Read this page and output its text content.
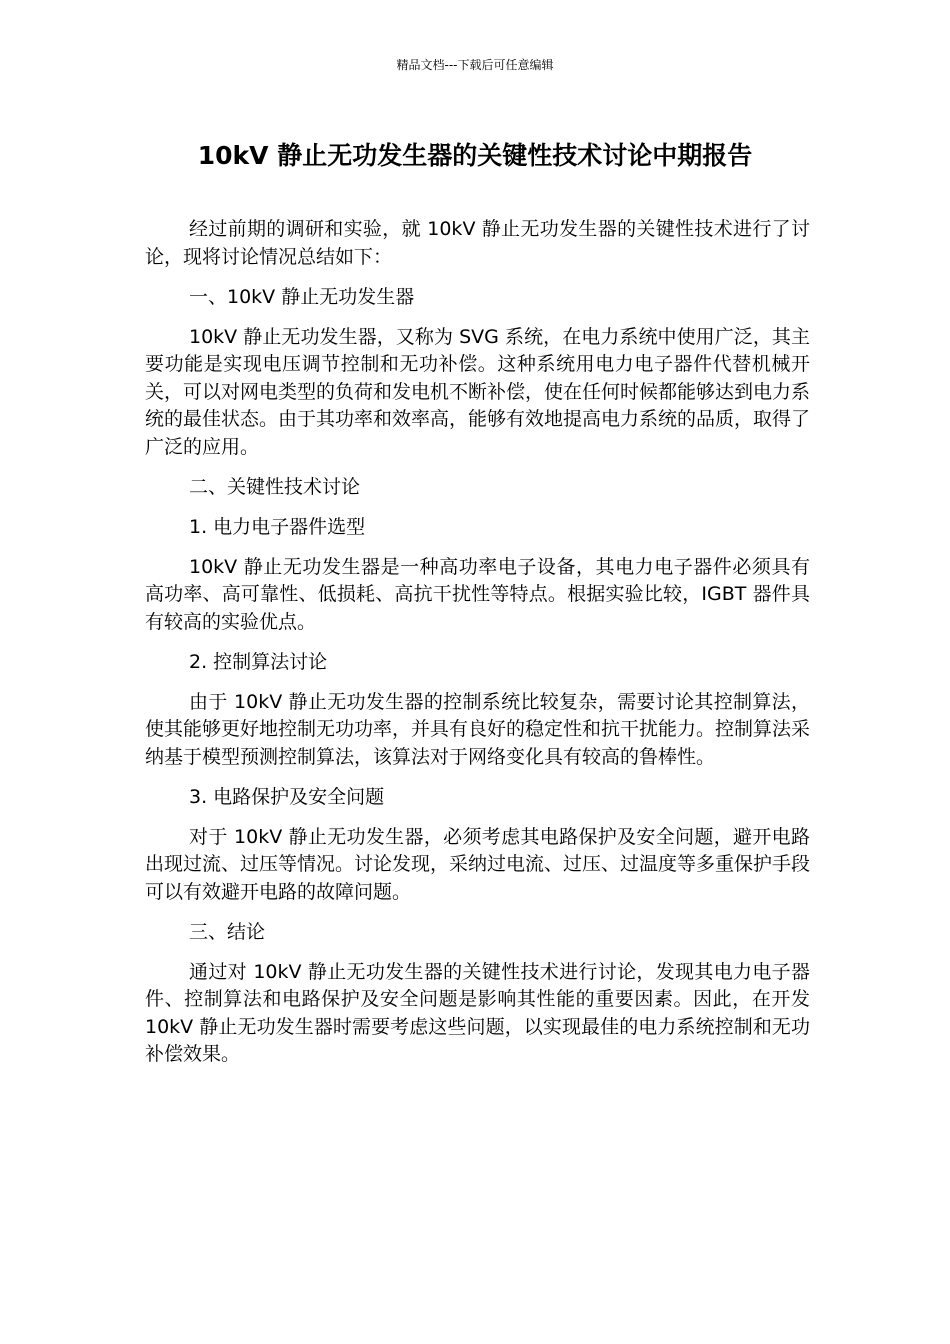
精品文档---下载后可任意编辑
10kV 静止无功发生器的关键性技术讨论中期报告

经过前期的调研和实验，就 10kV 静止无功发生器的关键性技术进行了讨论，现将讨论情况总结如下：

一、10kV 静止无功发生器

10kV 静止无功发生器，又称为 SVG 系统，在电力系统中使用广泛，其主要功能是实现电压调节控制和无功补偿。这种系统用电力电子器件代替机械开关，可以对网电类型的负荷和发电机不断补偿，使在任何时候都能够达到电力系统的最佳状态。由于其功率和效率高，能够有效地提高电力系统的品质，取得了广泛的应用。

二、关键性技术讨论

1. 电力电子器件选型

10kV 静止无功发生器是一种高功率电子设备，其电力电子器件必须具有高功率、高可靠性、低损耗、高抗干扰性等特点。根据实验比较，IGBT 器件具有较高的实验优点。

2. 控制算法讨论

由于 10kV 静止无功发生器的控制系统比较复杂，需要讨论其控制算法，使其能够更好地控制无功功率，并具有良好的稳定性和抗干扰能力。控制算法采纳基于模型预测控制算法，该算法对于网络变化具有较高的鲁棒性。

3. 电路保护及安全问题

对于 10kV 静止无功发生器，必须考虑其电路保护及安全问题，避开电路出现过流、过压等情况。讨论发现，采纳过电流、过压、过温度等多重保护手段可以有效避开电路的故障问题。

三、结论

通过对 10kV 静止无功发生器的关键性技术进行讨论，发现其电力电子器件、控制算法和电路保护及安全问题是影响其性能的重要因素。因此，在开发 10kV 静止无功发生器时需要考虑这些问题，以实现最佳的电力系统控制和无功补偿效果。
